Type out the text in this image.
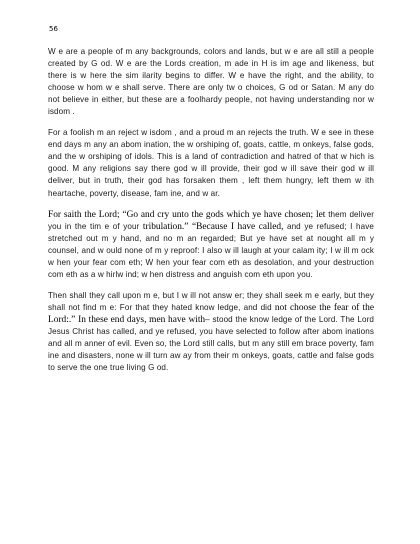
56

W e are a people of m any backgrounds, colors and lands, but w e are all still a people created by G od. W e are the Lords creation, m ade in H is im age and likeness, but there is w here the sim ilarity begins to differ. W e have the right, and the ability, to choose w hom w e shall serve. There are only tw o choices, G od or Satan. M any do not believe in either, but these are a foolhardy people, not having understanding nor w isdom .

For a foolish m an reject w isdom , and a proud m an rejects the truth. W e see in these end days m any an abom ination, the w orshiping of, goats, cattle, m onkeys, false gods, and the w orshiping of idols. This is a land of contradiction and hatred of that w hich is good. M any religions say there god w ill provide, their god w ill save their god w ill deliver, but in truth, their god has forsaken them , left them hungry, left them w ith heartache, poverty, disease, fam ine, and w ar.

For saith the Lord; “Go and cry unto the gods which ye have chosen; let them deliver you in the tim e of your tribulation.” “Because I have called, and ye refused; I have stretched out m y hand, and no m an regarded; But ye have set at nought all m y counsel, and w ould none of m y reproof: I also w ill laugh at your calam ity; I w ill m ock w hen your fear com eth; W hen your fear com eth as desolation, and your destruction com eth as a w hirlw ind; w hen distress and anguish com eth upon you.

Then shall they call upon m e, but I w ill not answ er; they shall seek m e early, but they shall not find m e: For that they hated know ledge, and did not choose the fear of the Lord:.” In these end days, men have with– stood the know ledge of the Lord. The Lord Jesus Christ has called, and ye refused, you have selected to follow after abom inations and all m anner of evil. Even so, the Lord still calls, but m any still em brace poverty, fam ine and disasters, none w ill turn aw ay from their m onkeys, goats, cattle and false gods to serve the one true living G od.
